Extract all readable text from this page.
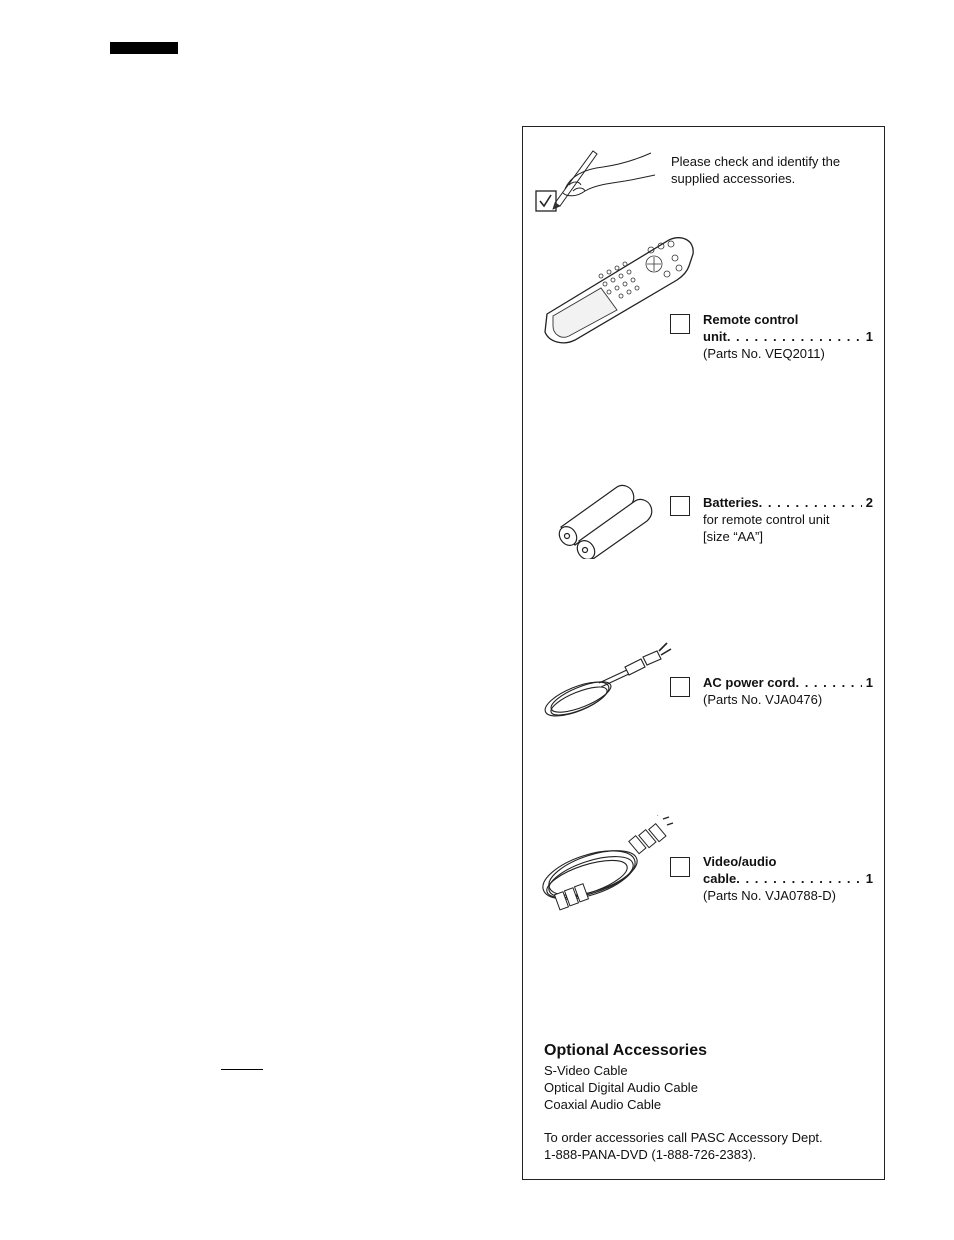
Please check and identify the
supplied accessories.
Remote control
unit . . .	1
(Parts No. VEQ2011)
Batteries . . .	2
for remote control unit
[size “AA”]
AC power cord . . .	1
(Parts No. VJA0476)
Video/audio
cable . . .	1
(Parts No. VJA0788-D)
Optional Accessories
S-Video Cable
Optical Digital Audio Cable
Coaxial Audio Cable
To order accessories call PASC Accessory Dept.
1-888-PANA-DVD (1-888-726-2383).
